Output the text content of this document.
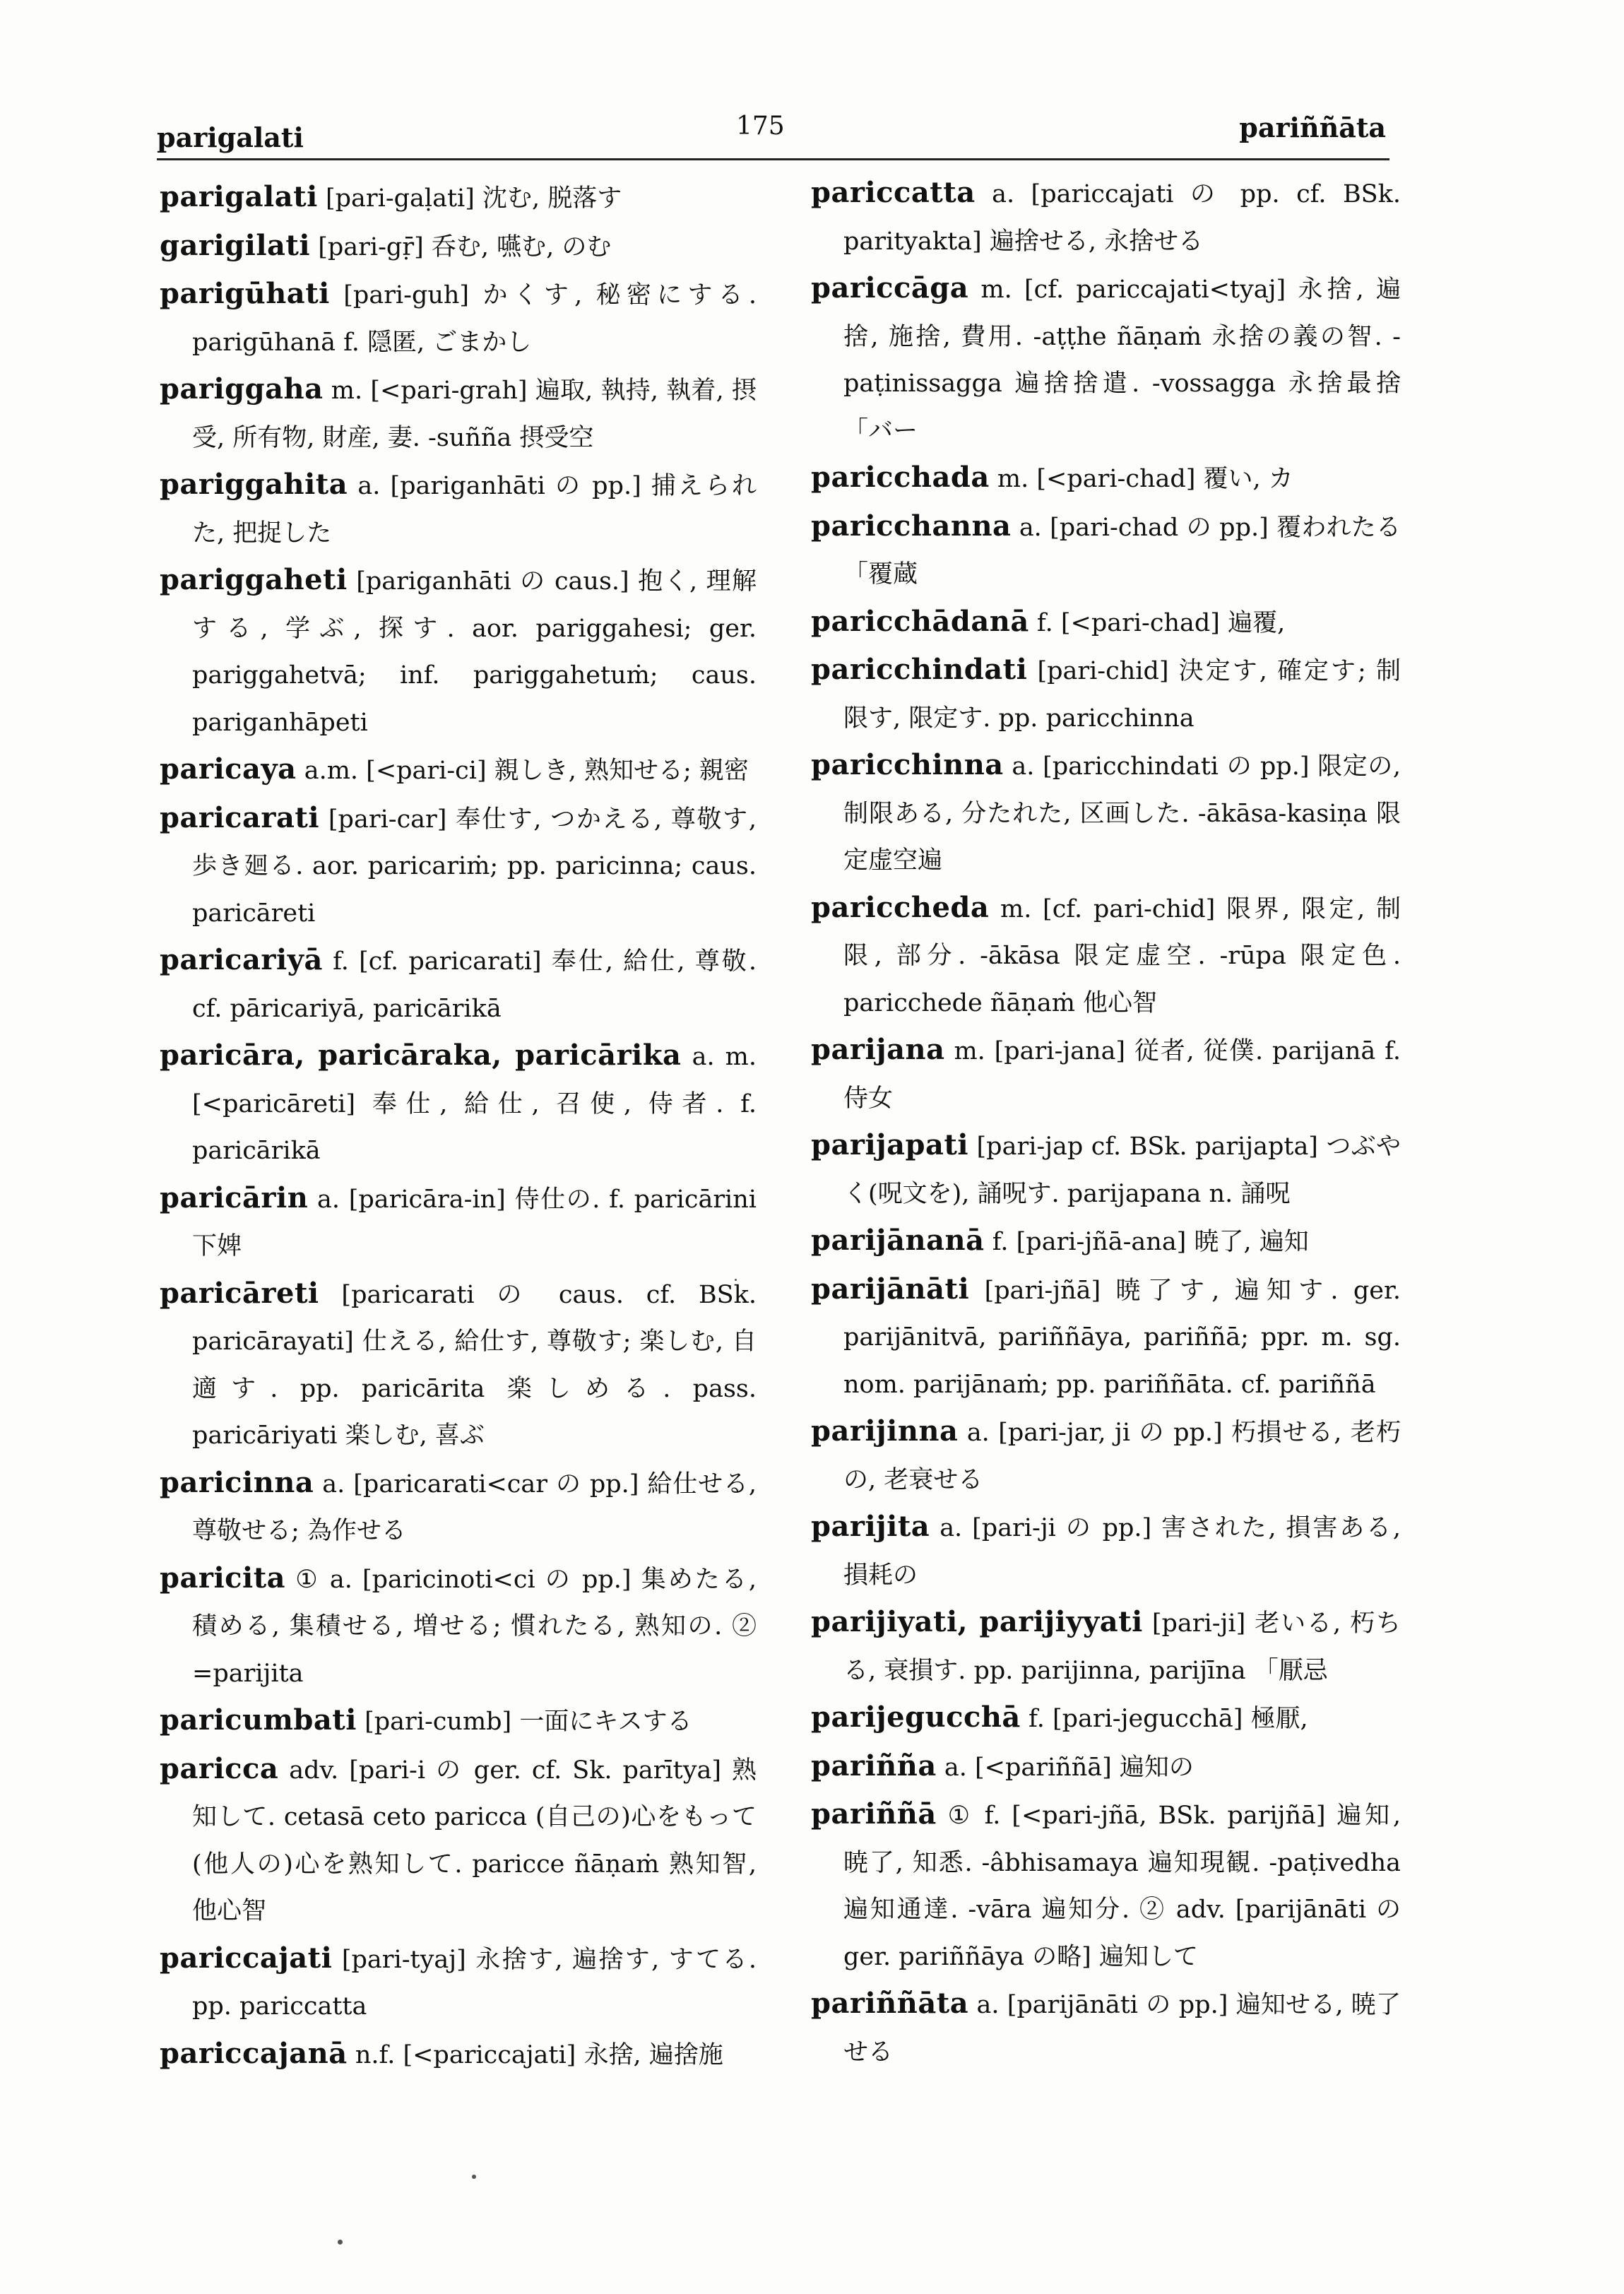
parigalati	175	pariññāta

parigalati [pari-gaḷati] 沈む, 脱落す

garigilati [pari-gṝ] 呑む, 嚥む, のむ

parigūhati [pari-guh] かくす, 秘密にする. parigūhanā f. 隠匿, ごまかし

pariggaha m. [<pari-grah] 遍取, 執持, 執着, 摂受, 所有物, 財産, 妻. -suñña 摂受空

pariggahita a. [pariganhāti の pp.] 捕えられた, 把捉した

pariggaheti [pariganhāti の caus.] 抱く, 理解する, 学ぶ, 探す. aor. pariggahesi; ger. pariggahetvā; inf. pariggahetuṁ; caus. pariganhāpeti

paricaya a.m. [<pari-ci] 親しき, 熟知せる; 親密

paricarati [pari-car] 奉仕す, つかえる, 尊敬す, 歩き廻る. aor. paricariṁ; pp. paricinna; caus. paricāreti

paricariyā f. [cf. paricarati] 奉仕, 給仕, 尊敬. cf. pāricariyā, paricārikā

paricāra, paricāraka, paricārika a. m. [<paricāreti] 奉仕, 給仕, 召使, 侍者. f. paricārikā

paricārin a. [paricāra-in] 侍仕の. f. paricārini 下婢

paricāreti [paricarati の caus. cf. BSk. paricārayati] 仕える, 給仕す, 尊敬す; 楽しむ, 自適す. pp. paricārita 楽しめる. pass. paricāriyati 楽しむ, 喜ぶ

paricinna a. [paricarati<car の pp.] 給仕せる, 尊敬せる; 為作せる

paricita ① a. [paricinoti<ci の pp.] 集めたる, 積める, 集積せる, 増せる; 慣れたる, 熟知の. ② =parijita

paricumbati [pari-cumb] 一面にキスする

paricca adv. [pari-i の ger. cf. Sk. parītya] 熟知して. cetasā ceto paricca (自己の)心をもって(他人の)心を熟知して. paricce ñāṇaṁ 熟知智, 他心智

pariccajati [pari-tyaj] 永捨す, 遍捨す, すてる. pp. pariccatta

pariccajanā n.f. [<pariccajati] 永捨, 遍捨施

pariccatta a. [pariccajati の pp. cf. BSk. parityakta] 遍捨せる, 永捨せる

pariccāga m. [cf. pariccajati<tyaj] 永捨, 遍捨, 施捨, 費用. -aṭṭhe ñāṇaṁ 永捨の義の智. -paṭinissagga 遍捨捨遣. -vossagga 永捨最捨 「バー

paricchada m. [<pari-chad] 覆い, カ

paricchanna a. [pari-chad の pp.] 覆われたる 「覆蔵

paricchādanā f. [<pari-chad] 遍覆,

paricchindati [pari-chid] 決定す, 確定す; 制限す, 限定す. pp. paricchinna

paricchinna a. [paricchindati の pp.] 限定の, 制限ある, 分たれた, 区画した. -ākāsa-kasiṇa 限定虚空遍

pariccheda m. [cf. pari-chid] 限界, 限定, 制限, 部分. -ākāsa 限定虚空. -rūpa 限定色. paricchede ñāṇaṁ 他心智

parijana m. [pari-jana] 従者, 従僕. parijanā f. 侍女

parijapati [pari-jap cf. BSk. parijapta] つぶやく(呪文を), 誦呪す. parijapana n. 誦呪

parijānanā f. [pari-jñā-ana] 暁了, 遍知

parijānāti [pari-jñā] 暁了す, 遍知す. ger. parijānitvā, pariññāya, pariññā; ppr. m. sg. nom. parijānaṁ; pp. pariññāta. cf. pariññā

parijinna a. [pari-jar, ji の pp.] 朽損せる, 老朽の, 老衰せる

parijita a. [pari-ji の pp.] 害された, 損害ある, 損耗の

parijiyati, parijiyyati [pari-ji] 老いる, 朽ちる, 衰損す. pp. parijinna, parijīna 「厭忌

parijegucchā f. [pari-jegucchā] 極厭,

pariñña a. [<pariññā] 遍知の

pariññā ① f. [<pari-jñā, BSk. parijñā] 遍知, 暁了, 知悉. -âbhisamaya 遍知現観. -paṭivedha 遍知通達. -vāra 遍知分. ② adv. [parijānāti の ger. pariññāya の略] 遍知して

pariññāta a. [parijānāti の pp.] 遍知せる, 暁了せる
